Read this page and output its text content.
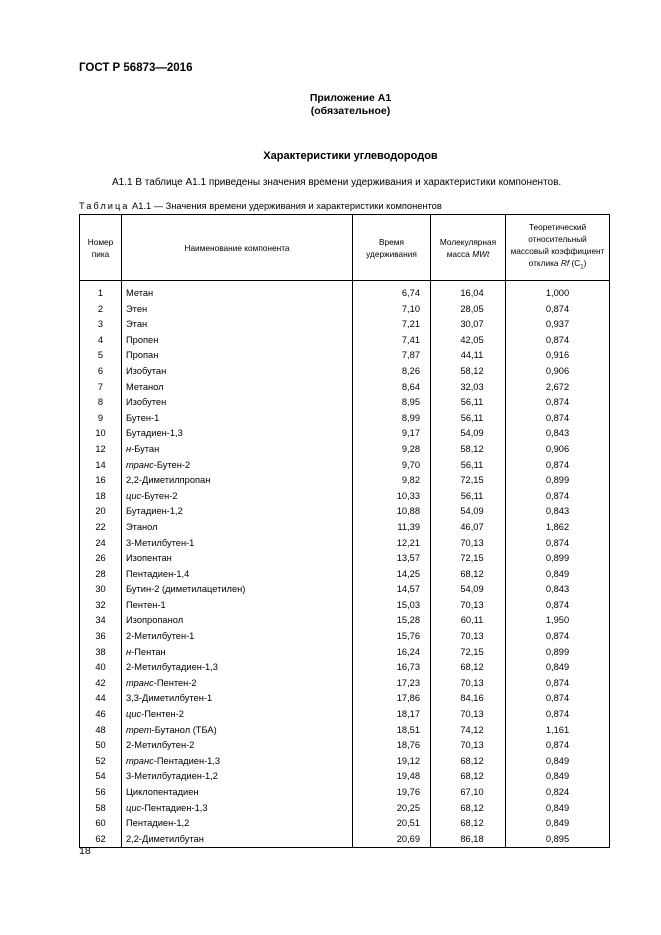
ГОСТ Р 56873—2016
Приложение А1
(обязательное)
Характеристики углеводородов
А1.1 В таблице А1.1 приведены значения времени удерживания и характеристики компонентов.
Таблица А1.1 — Значения времени удерживания и характеристики компонентов
Номер пика	Наименование компонента	Время удерживания	Молекулярная масса MWt	Теоретический относительный массовый коэффициент отклика Rf $(C_1)$

1	Метан	6,74	16,04	1,000
2	Этен	7,10	28,05	0,874
3	Этан	7,21	30,07	0,937
4	Пропен	7,41	42,05	0,874
5	Пропан	7,87	44,11	0,916
6	Изобутан	8,26	58,12	0,906
7	Метанол	8,64	32,03	2,672
8	Изобутен	8,95	56,11	0,874
9	Бутен-1	8,99	56,11	0,874
10	Бутадиен-1,3	9,17	54,09	0,843
12	н-Бутан	9,28	58,12	0,906
14	транс-Бутен-2	9,70	56,11	0,874
16	2,2-Диметилпропан	9,82	72,15	0,899
18	цис-Бутен-2	10,33	56,11	0,874
20	Бутадиен-1,2	10,88	54,09	0,843
22	Этанол	11,39	46,07	1,862
24	3-Метилбутен-1	12,21	70,13	0,874
26	Изопентан	13,57	72,15	0,899
28	Пентадиен-1,4	14,25	68,12	0,849
30	Бутин-2 (диметилацетилен)	14,57	54,09	0,843
32	Пентен-1	15,03	70,13	0,874
34	Изопропанол	15,28	60,11	1,950
36	2-Метилбутен-1	15,76	70,13	0,874
38	н-Пентан	16,24	72,15	0,899
40	2-Метилбутадиен-1,3	16,73	68,12	0,849
42	транс-Пентен-2	17,23	70,13	0,874
44	3,3-Диметилбутен-1	17,86	84,16	0,874
46	цис-Пентен-2	18,17	70,13	0,874
48	трет-Бутанол (ТБА)	18,51	74,12	1,161
50	2-Метилбутен-2	18,76	70,13	0,874
52	транс-Пентадиен-1,3	19,12	68,12	0,849
54	3-Метилбутадиен-1,2	19,48	68,12	0,849
56	Циклопентадиен	19,76	67,10	0,824
58	цис-Пентадиен-1,3	20,25	68,12	0,849
60	Пентадиен-1,2	20,51	68,12	0,849
62	2,2-Диметилбутан	20,69	86,18	0,895
18
